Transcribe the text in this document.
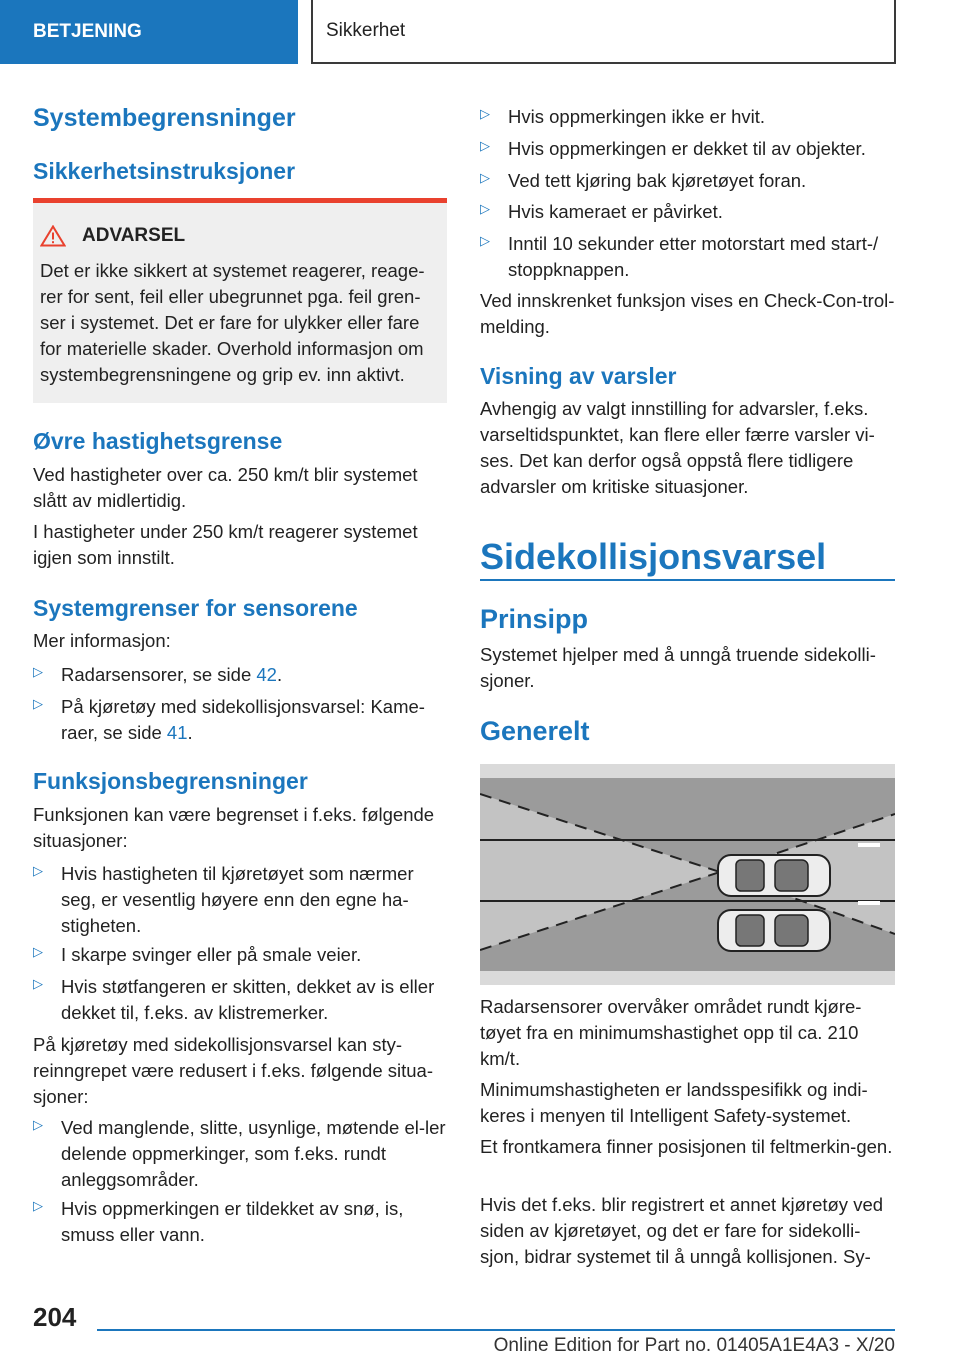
BETJENING	Sikkerhet
Systembegrensninger
Sikkerhetsinstruksjoner
ADVARSEL
Det er ikke sikkert at systemet reagerer, reage-rer for sent, feil eller ubegrunnet pga. feil gren-ser i systemet. Det er fare for ulykker eller fare for materielle skader. Overhold informasjon om systembegrensningene og grip ev. inn aktivt.
Øvre hastighetsgrense

Ved hastigheter over ca. 250 km/t blir systemet slått av midlertidig.

I hastigheter under 250 km/t reagerer systemet igjen som innstilt.

Systemgrenser for sensorene

Mer informasjon:

▷ Radarsensorer, se side 42.
▷ På kjøretøy med sidekollisjonsvarsel: Kame-raer, se side 41.
Funksjonsbegrensninger

Funksjonen kan være begrenset i f.eks. følgende situasjoner:

▷ Hvis hastigheten til kjøretøyet som nærmer seg, er vesentlig høyere enn den egne ha-stigheten.
▷ I skarpe svinger eller på smale veier.
▷ Hvis støtfangeren er skitten, dekket av is eller dekket til, f.eks. av klistremerker.

På kjøretøy med sidekollisjonsvarsel kan sty-reinngrepet være redusert i f.eks. følgende situa-sjoner:

▷ Ved manglende, slitte, usynlige, møtende el-ler delende oppmerkinger, som f.eks. rundt anleggsområder.
▷ Hvis oppmerkingen er tildekket av snø, is, smuss eller vann.
▷ Hvis oppmerkingen ikke er hvit.
▷ Hvis oppmerkingen er dekket til av objekter.
▷ Ved tett kjøring bak kjøretøyet foran.
▷ Hvis kameraet er påvirket.
▷ Inntil 10 sekunder etter motorstart med start-/ stoppknappen.

Ved innskrenket funksjon vises en Check-Con-trol-melding.

Visning av varsler

Avhengig av valgt innstilling for advarsler, f.eks. varseltidspunktet, kan flere eller færre varsler vi-ses. Det kan derfor også oppstå flere tidligere advarsler om kritiske situasjoner.

Sidekollisjonsvarsel
Prinsipp

Systemet hjelper med å unngå truende sidekolli-sjoner.

Generelt

Radarsensorer overvåker området rundt kjøre-tøyet fra en minimumshastighet opp til ca. 210 km/t.

Minimumshastigheten er landsspesifikk og indi-keres i menyen til Intelligent Safety-systemet.

Et frontkamera finner posisjonen til feltmerkin-gen.

Hvis det f.eks. blir registrert et annet kjøretøy ved siden av kjøretøyet, og det er fare for sidekolli-sjon, bidrar systemet til å unngå kollisjonen. Sy-

204
Online Edition for Part no. 01405A1E4A3 - X/20
